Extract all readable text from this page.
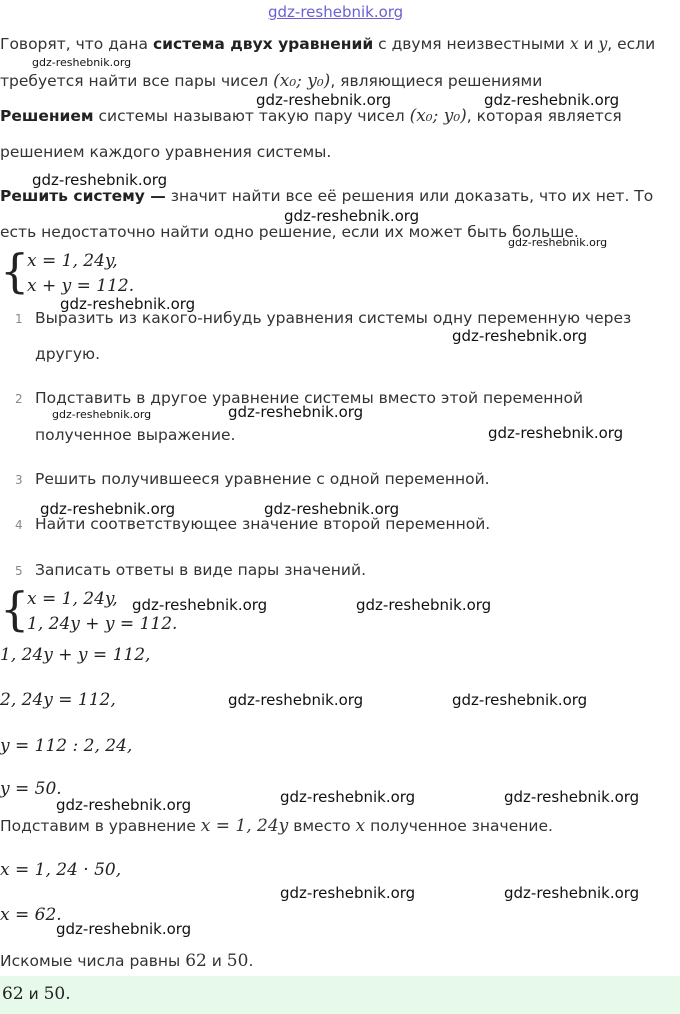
gdz-reshebnik.org
Говорят, что дана система двух уравнений с двумя неизвестными x и y, если
gdz-reshebnik.org
требуется найти все пары чисел (x₀; y₀), являющиеся решениями
gdz-reshebnik.org	gdz-reshebnik.org
Решением системы называют такую пару чисел (x₀; y₀), которая является
решением каждого уравнения системы.
gdz-reshebnik.org
Решить систему — значит найти все её решения или доказать, что их нет. То
gdz-reshebnik.org
есть недостаточно найти одно решение, если их может быть больше.
gdz-reshebnik.org
{
x = 1, 24y,
x + y = 112.
gdz-reshebnik.org
1 Выразить из какого-нибудь уравнения системы одну переменную через
gdz-reshebnik.org
другую.
2 Подставить в другое уравнение системы вместо этой переменной
gdz-reshebnik.org	gdz-reshebnik.org
полученное выражение.	gdz-reshebnik.org
3 Решить получившееся уравнение с одной переменной.
gdz-reshebnik.org	gdz-reshebnik.org
4 Найти соответствующее значение второй переменной.
5 Записать ответы в виде пары значений.
{
x = 1, 24y, gdz-reshebnik.org	gdz-reshebnik.org
1, 24y + y = 112.
1, 24y + y = 112,
2, 24y = 112,	gdz-reshebnik.org	gdz-reshebnik.org
y = 112 : 2, 24,
y = 50.
gdz-reshebnik.org	gdz-reshebnik.org	gdz-reshebnik.org
Подставим в уравнение x = 1, 24y вместо x полученное значение.
x = 1, 24 · 50,
gdz-reshebnik.org	gdz-reshebnik.org
x = 62.
gdz-reshebnik.org
Искомые числа равны 62 и 50.
62 и 50.
